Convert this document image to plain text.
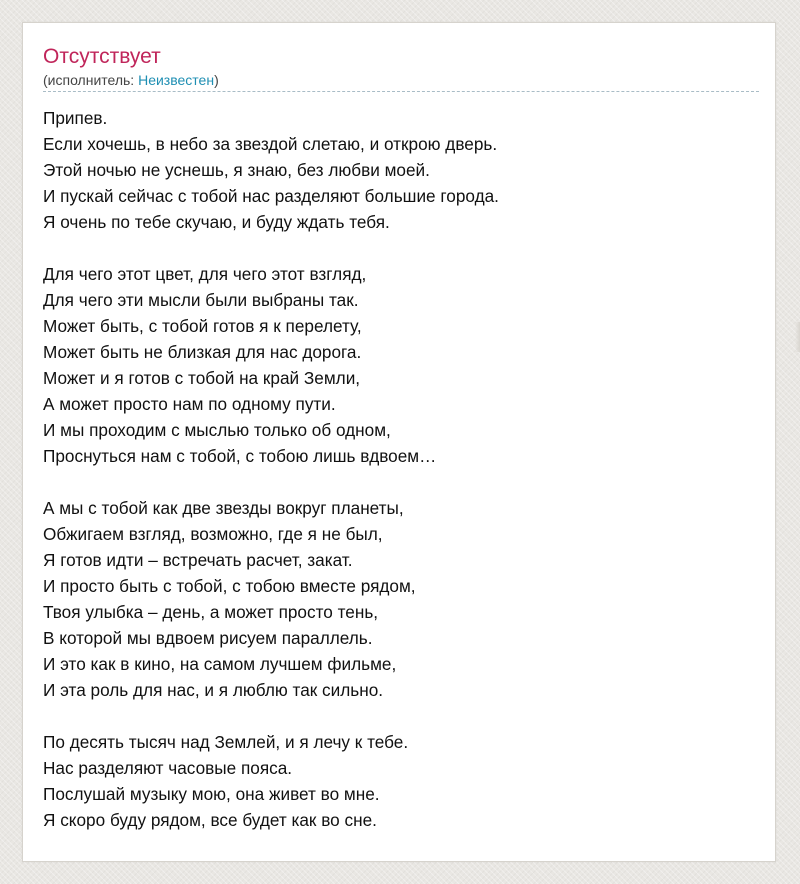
Отсутствует
(исполнитель: Неизвестен)
Припев.
Если хочешь, в небо за звездой слетаю, и открою дверь.
Этой ночью не уснешь, я знаю, без любви моей.
И пускай сейчас с тобой нас разделяют большие города.
Я очень по тебе скучаю, и буду ждать тебя.
Для чего этот цвет, для чего этот взгляд,
Для чего эти мысли были выбраны так.
Может быть, с тобой готов я к перелету,
Может быть не близкая для нас дорога.
Может и я готов с тобой на край Земли,
А может просто нам по одному пути.
И мы проходим с мыслью только об одном,
Проснуться нам с тобой, с тобою лишь вдвоем…
А мы с тобой как две звезды вокруг планеты,
Обжигаем взгляд, возможно, где я не был,
Я готов идти – встречать расчет, закат.
И просто быть с тобой, с тобою вместе рядом,
Твоя улыбка – день, а может просто тень,
В которой мы вдвоем рисуем параллель.
И это как в кино, на самом лучшем фильме,
И эта роль для нас, и я люблю так сильно.
По десять тысяч над Землей, и я лечу к тебе.
Нас разделяют часовые пояса.
Послушай музыку мою, она живет во мне.
Я скоро буду рядом, все будет как во сне.
